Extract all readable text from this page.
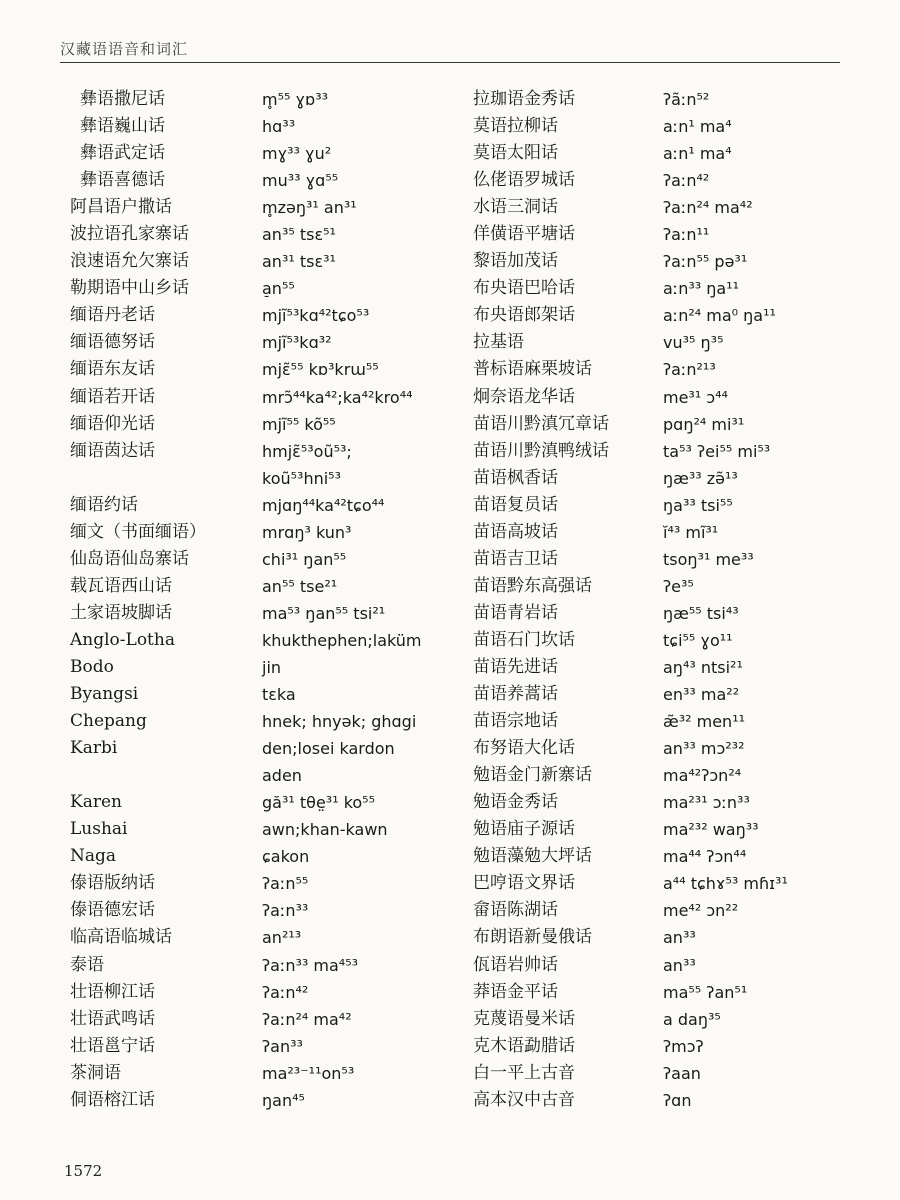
汉藏语语音和词汇
彝语撒尼话	m̥⁵⁵ ɣɒ³³
彝语巍山话	hɑ³³
彝语武定话	mɣ³³ ɣu²
彝语喜德话	mu³³ ɣɑ⁵⁵
阿昌语户撒话	m̥zəŋ³¹ an³¹
波拉语孔家寨话	an³⁵ tsɛ⁵¹
浪速语允欠寨话	an³¹ tsɛ³¹
勒期语中山乡话	a̠n⁵⁵
缅语丹老话	mjĩ⁵³kɑ⁴²tɕo⁵³
缅语德努话	mjĩ⁵³kɑ³²
缅语东友话	mjɛ̃⁵⁵ kɒ³krɯ⁵⁵
缅语若开话	mrɔ̃⁴⁴ka⁴²;ka⁴²kro⁴⁴
缅语仰光话	mjĩ⁵⁵ kõ⁵⁵
缅语茵达话	hmjɛ̃⁵³oũ⁵³;
koũ⁵³hni⁵³
缅语约话	mjɑŋ⁴⁴ka⁴²tɕo⁴⁴
缅文（书面缅语）	mrɑŋ³ kun³
仙岛语仙岛寨话	chi³¹ ŋan⁵⁵
载瓦语西山话	an⁵⁵ tse²¹
土家语坡脚话	ma⁵³ ŋan⁵⁵ tsi²¹
Anglo-Lotha	khukthephen;laküm
Bodo	jin
Byangsi	tɛka
Chepang	hnek; hnyək; ghɑgi
Karbi	den;losei kardon
aden
Karen	gă³¹ tθe̤³¹ ko⁵⁵
Lushai	awn;khan-kawn
Naga	ɕakon
傣语版纳话	ʔaːn⁵⁵
傣语德宏话	ʔaːn³³
临高语临城话	an²¹³
泰语	ʔaːn³³ ma⁴⁵³
壮语柳江话	ʔaːn⁴²
壮语武鸣话	ʔaːn²⁴ ma⁴²
壮语邕宁话	ʔan³³
茶洞语	ma²³⁻¹¹on⁵³
侗语榕江话	ŋan⁴⁵
拉珈语金秀话	ʔãːn⁵²
莫语拉柳话	aːn¹ ma⁴
莫语太阳话	aːn¹ ma⁴
仫佬语罗城话	ʔaːn⁴²
水语三洞话	ʔaːn²⁴ ma⁴²
佯僙语平塘话	ʔaːn¹¹
黎语加茂话	ʔaːn⁵⁵ pə³¹
布央语巴哈话	aːn³³ ŋa¹¹
布央语郎架话	aːn²⁴ ma⁰ ŋa¹¹
拉基语	vu³⁵ ŋ³⁵
普标语麻栗坡话	ʔaːn²¹³
炯奈语龙华话	me³¹ ɔ⁴⁴
苗语川黔滇冗章话	pɑŋ²⁴ mi³¹
苗语川黔滇鸭绒话	ta⁵³ ʔei⁵⁵ mi⁵³
苗语枫香话	ŋæ³³ zə̃¹³
苗语复员话	ŋa³³ tsi⁵⁵
苗语高坡话	ĭ⁴³ mĩ³¹
苗语吉卫话	tsoŋ³¹ me³³
苗语黔东高强话	ʔe³⁵
苗语青岩话	ŋæ⁵⁵ tsi⁴³
苗语石门坎话	tɕi⁵⁵ ɣo¹¹
苗语先进话	aŋ⁴³ ntsi²¹
苗语养蒿话	en³³ ma²²
苗语宗地话	æ̃³² men¹¹
布努语大化话	an³³ mɔ²³²
勉语金门新寨话	ma⁴²ʔɔn²⁴
勉语金秀话	ma²³¹ ɔːn³³
勉语庙子源话	ma²³² waŋ³³
勉语藻勉大坪话	ma⁴⁴ ʔɔn⁴⁴
巴哼语文界话	a⁴⁴ tɕhɤ⁵³ mɦɪ³¹
畲语陈湖话	me⁴² ɔn²²
布朗语新曼俄话	an³³
佤语岩帅话	an³³
莽语金平话	ma⁵⁵ ʔan⁵¹
克蔑语曼米话	a daŋ³⁵
克木语勐腊话	ʔmɔʔ
白一平上古音	ʔaan
高本汉中古音	ʔɑn
1572
